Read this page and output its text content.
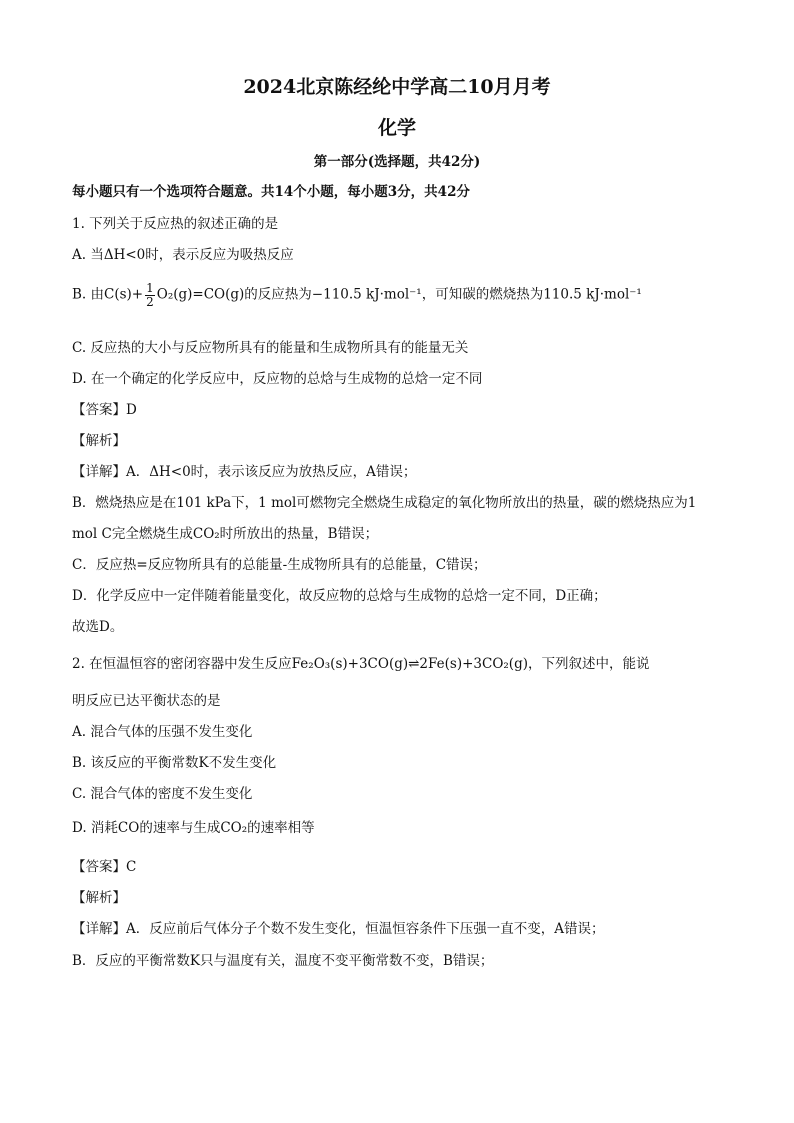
2024北京陈经纶中学高二10月月考
化学
第一部分(选择题，共42分)
每小题只有一个选项符合题意。共14个小题，每小题3分，共42分
1. 下列关于反应热的叙述正确的是
A. 当ΔH<0时，表示反应为吸热反应
B. 由$C(s)+ \frac{1}{2} O_2(g)=CO(g)$的反应热为−110.5 kJ·mol⁻¹，可知碳的燃烧热为110.5 kJ·mol⁻¹
C. 反应热的大小与反应物所具有的能量和生成物所具有的能量无关
D. 在一个确定的化学反应中，反应物的总焓与生成物的总焓一定不同
【答案】D
【解析】
【详解】A．ΔH<0时，表示该反应为放热反应，A错误；
B．燃烧热应是在101 kPa下，1 mol可燃物完全燃烧生成稳定的氧化物所放出的热量，碳的燃烧热应为1
mol C完全燃烧生成CO₂时所放出的热量，B错误；
C．反应热=反应物所具有的总能量-生成物所具有的总能量，C错误；
D．化学反应中一定伴随着能量变化，故反应物的总焓与生成物的总焓一定不同，D正确；
故选D。
2. 在恒温恒容的密闭容器中发生反应Fe₂O₃(s)+3CO(g)⇌2Fe(s)+3CO₂(g)，下列叙述中，能说
明反应已达平衡状态的是
A. 混合气体的压强不发生变化
B. 该反应的平衡常数K不发生变化
C. 混合气体的密度不发生变化
D. 消耗CO的速率与生成CO₂的速率相等
【答案】C
【解析】
【详解】A．反应前后气体分子个数不发生变化，恒温恒容条件下压强一直不变，A错误；
B．反应的平衡常数K只与温度有关，温度不变平衡常数不变，B错误；
